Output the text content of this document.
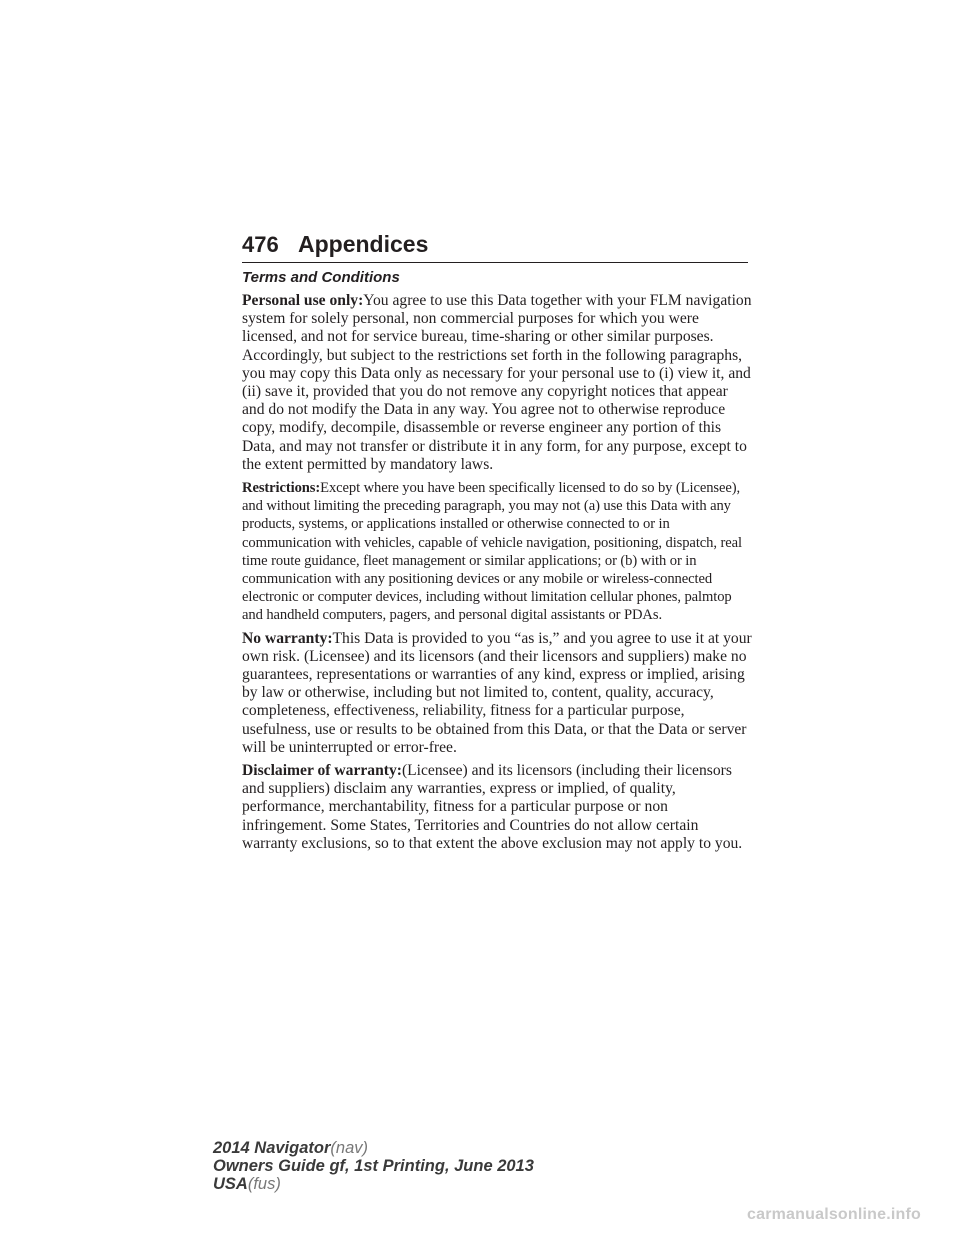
476 Appendices
Terms and Conditions

Personal use only:You agree to use this Data together with your FLM navigation system for solely personal, non commercial purposes for which you were licensed, and not for service bureau, time-sharing or other similar purposes. Accordingly, but subject to the restrictions set forth in the following paragraphs, you may copy this Data only as necessary for your personal use to (i) view it, and (ii) save it, provided that you do not remove any copyright notices that appear and do not modify the Data in any way. You agree not to otherwise reproduce copy, modify, decompile, disassemble or reverse engineer any portion of this Data, and may not transfer or distribute it in any form, for any purpose, except to the extent permitted by mandatory laws.

Restrictions:Except where you have been specifically licensed to do so by (Licensee), and without limiting the preceding paragraph, you may not (a) use this Data with any products, systems, or applications installed or otherwise connected to or in communication with vehicles, capable of vehicle navigation, positioning, dispatch, real time route guidance, fleet management or similar applications; or (b) with or in communication with any positioning devices or any mobile or wireless-connected electronic or computer devices, including without limitation cellular phones, palmtop and handheld computers, pagers, and personal digital assistants or PDAs.

No warranty:This Data is provided to you “as is,” and you agree to use it at your own risk. (Licensee) and its licensors (and their licensors and suppliers) make no guarantees, representations or warranties of any kind, express or implied, arising by law or otherwise, including but not limited to, content, quality, accuracy, completeness, effectiveness, reliability, fitness for a particular purpose, usefulness, use or results to be obtained from this Data, or that the Data or server will be uninterrupted or error-free.

Disclaimer of warranty:(Licensee) and its licensors (including their licensors and suppliers) disclaim any warranties, express or implied, of quality, performance, merchantability, fitness for a particular purpose or non infringement. Some States, Territories and Countries do not allow certain warranty exclusions, so to that extent the above exclusion may not apply to you.

2014 Navigator(nav)
Owners Guide gf, 1st Printing, June 2013
USA(fus)
carmanualsonline.info
